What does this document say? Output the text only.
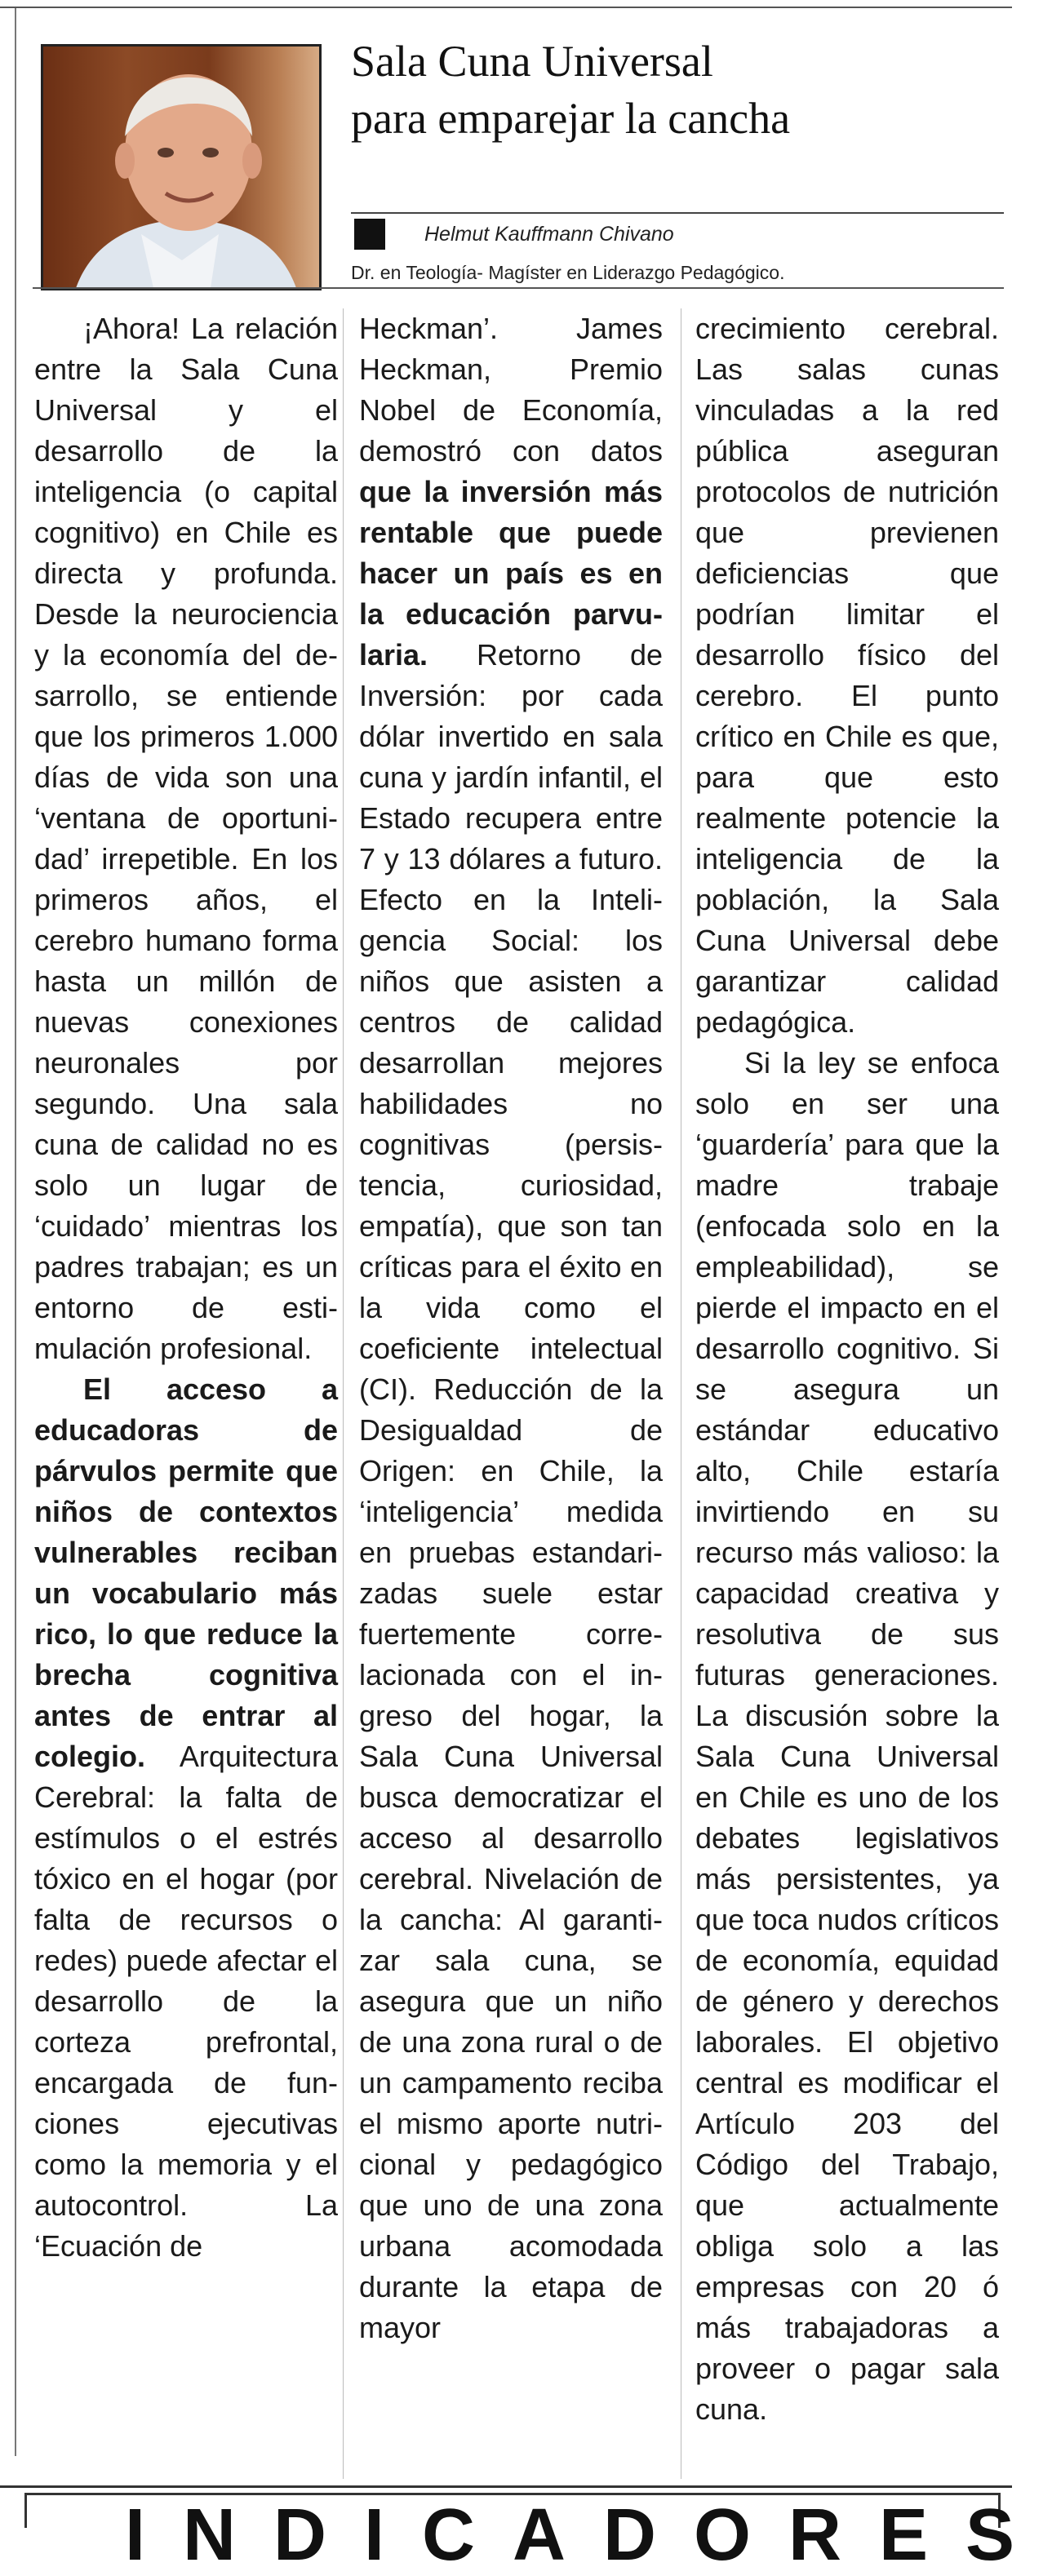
Sala Cuna Universal
para emparejar la cancha
Helmut Kauffmann Chivano
Dr. en Teología- Magíster en Liderazgo Pedagógico.

¡Ahora! La relación entre la Sala Cuna Universal y el desarrollo de la inteligencia (o capital cognitivo) en Chile es directa y profunda. Desde la neurociencia y la economía del desarrollo, se entiende que los primeros 1.000 días de vida son una ‘ventana de oportunidad’ irrepetible. En los primeros años, el cerebro humano forma hasta un millón de nuevas conexiones neuronales por segundo. Una sala cuna de calidad no es solo un lugar de ‘cuidado’ mientras los padres trabajan; es un entorno de estimulación profesional.

El acceso a educadoras de párvulos permite que niños de contextos vulnerables reciban un vocabulario más rico, lo que reduce la brecha cognitiva antes de entrar al colegio. Arquitectura Cerebral: la falta de estímulos o el estrés tóxico en el hogar (por falta de recursos o redes) puede afectar el desarrollo de la corteza prefrontal, encargada de funciones ejecutivas como la memoria y el autocontrol. La ‘Ecuación de

Heckman’. James Heckman, Premio Nobel de Economía, demostró con datos que la inversión más rentable que puede hacer un país es en la educación parvularia. Retorno de Inversión: por cada dólar invertido en sala cuna y jardín infantil, el Estado recupera entre 7 y 13 dólares a futuro. Efecto en la Inteligencia Social: los niños que asisten a centros de calidad desarrollan mejores habilidades no cognitivas (persistencia, curiosidad, empatía), que son tan críticas para el éxito en la vida como el coeficiente intelectual (CI). Reducción de la Desigualdad de Origen: en Chile, la ‘inteligencia’ medida en pruebas estandarizadas suele estar fuertemente correlacionada con el ingreso del hogar, la Sala Cuna Universal busca democratizar el acceso al desarrollo cerebral. Nivelación de la cancha: Al garantizar sala cuna, se asegura que un niño de una zona rural o de un campamento reciba el mismo aporte nutricional y pedagógico que uno de una zona urbana acomodada durante la etapa de mayor

crecimiento cerebral. Las salas cunas vinculadas a la red pública aseguran protocolos de nutrición que previenen deficiencias que podrían limitar el desarrollo físico del cerebro. El punto crítico en Chile es que, para que esto realmente potencie la inteligencia de la población, la Sala Cuna Universal debe garantizar calidad pedagógica.

Si la ley se enfoca solo en ser una ‘guardería’ para que la madre trabaje (enfocada solo en la empleabilidad), se pierde el impacto en el desarrollo cognitivo. Si se asegura un estándar educativo alto, Chile estaría invirtiendo en su recurso más valioso: la capacidad creativa y resolutiva de sus futuras generaciones. La discusión sobre la Sala Cuna Universal en Chile es uno de los debates legislativos más persistentes, ya que toca nudos críticos de economía, equidad de género y derechos laborales. El objetivo central es modificar el Artículo 203 del Código del Trabajo, que actualmente obliga solo a las empresas con 20 ó más trabajadoras a proveer o pagar sala cuna.

INDICADORES
